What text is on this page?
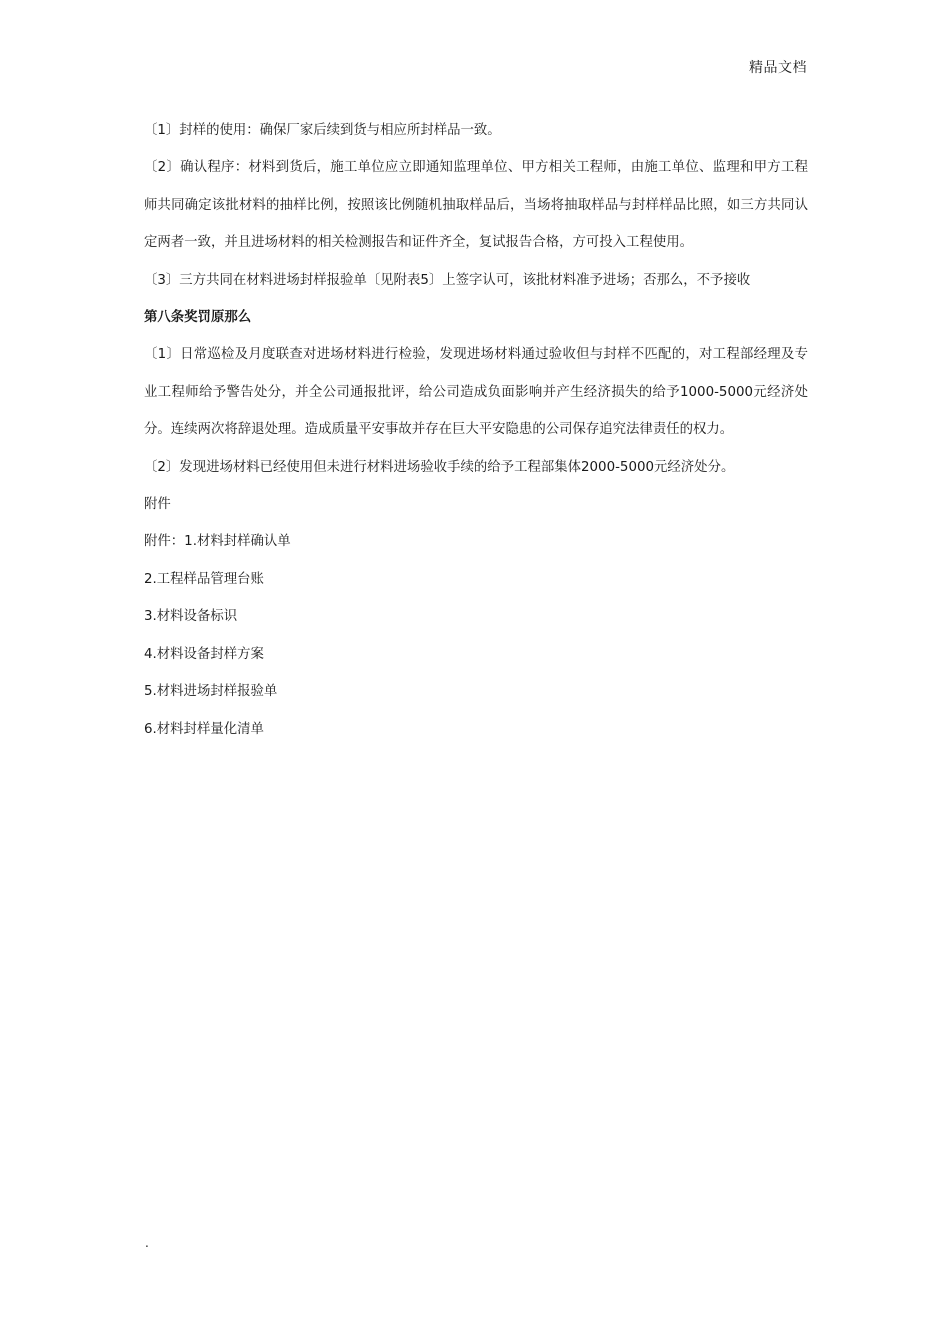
精品文档

〔1〕封样的使用：确保厂家后续到货与相应所封样品一致。

〔2〕确认程序：材料到货后，施工单位应立即通知监理单位、甲方相关工程师，由施工单位、监理和甲方工程师共同确定该批材料的抽样比例，按照该比例随机抽取样品后，当场将抽取样品与封样样品比照，如三方共同认定两者一致，并且进场材料的相关检测报告和证件齐全，复试报告合格，方可投入工程使用。

〔3〕三方共同在材料进场封样报验单〔见附表5〕上签字认可，该批材料准予进场；否那么，不予接收

第八条奖罚原那么

〔1〕日常巡检及月度联查对进场材料进行检验，发现进场材料通过验收但与封样不匹配的，对工程部经理及专业工程师给予警告处分，并全公司通报批评，给公司造成负面影响并产生经济损失的给予1000-5000元经济处分。连续两次将辞退处理。造成质量平安事故并存在巨大平安隐患的公司保存追究法律责任的权力。

〔2〕发现进场材料已经使用但未进行材料进场验收手续的给予工程部集体2000-5000元经济处分。

附件

附件：1.材料封样确认单

2.工程样品管理台账

3.材料设备标识

4.材料设备封样方案

5.材料进场封样报验单

6.材料封样量化清单

.
